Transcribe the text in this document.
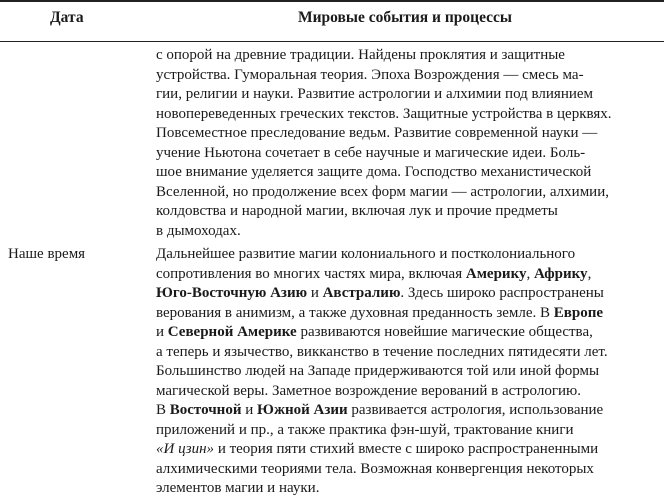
Дата	Мировые события и процессы
с опорой на древние традиции. Найдены проклятия и защитные
устройства. Гуморальная теория. Эпоха Возрождения — смесь ма-
гии, религии и науки. Развитие астрологии и алхимии под влиянием
новопереведенных греческих текстов. Защитные устройства в церквях.
Повсеместное преследование ведьм. Развитие современной науки —
учение Ньютона сочетает в себе научные и магические идеи. Боль-
шое внимание уделяется защите дома. Господство механистической
Вселенной, но продолжение всех форм магии — астрологии, алхимии,
колдовства и народной магии, включая лук и прочие предметы
в дымоходах.
Наше время	Дальнейшее развитие магии колониального и постколониального
сопротивления во многих частях мира, включая Америку, Африку,
Юго-Восточную Азию и Австралию. Здесь широко распространены
верования в анимизм, а также духовная преданность земле. В Европе
и Северной Америке развиваются новейшие магические общества,
а теперь и язычество, викканство в течение последних пятидесяти лет.
Большинство людей на Западе придерживаются той или иной формы
магической веры. Заметное возрождение верований в астрологию.
В Восточной и Южной Азии развивается астрология, использование
приложений и пр., а также практика фэн-шуй, трактование книги
«И цзин» и теория пяти стихий вместе с широко распространенными
алхимическими теориями тела. Возможная конвергенция некоторых
элементов магии и науки.
